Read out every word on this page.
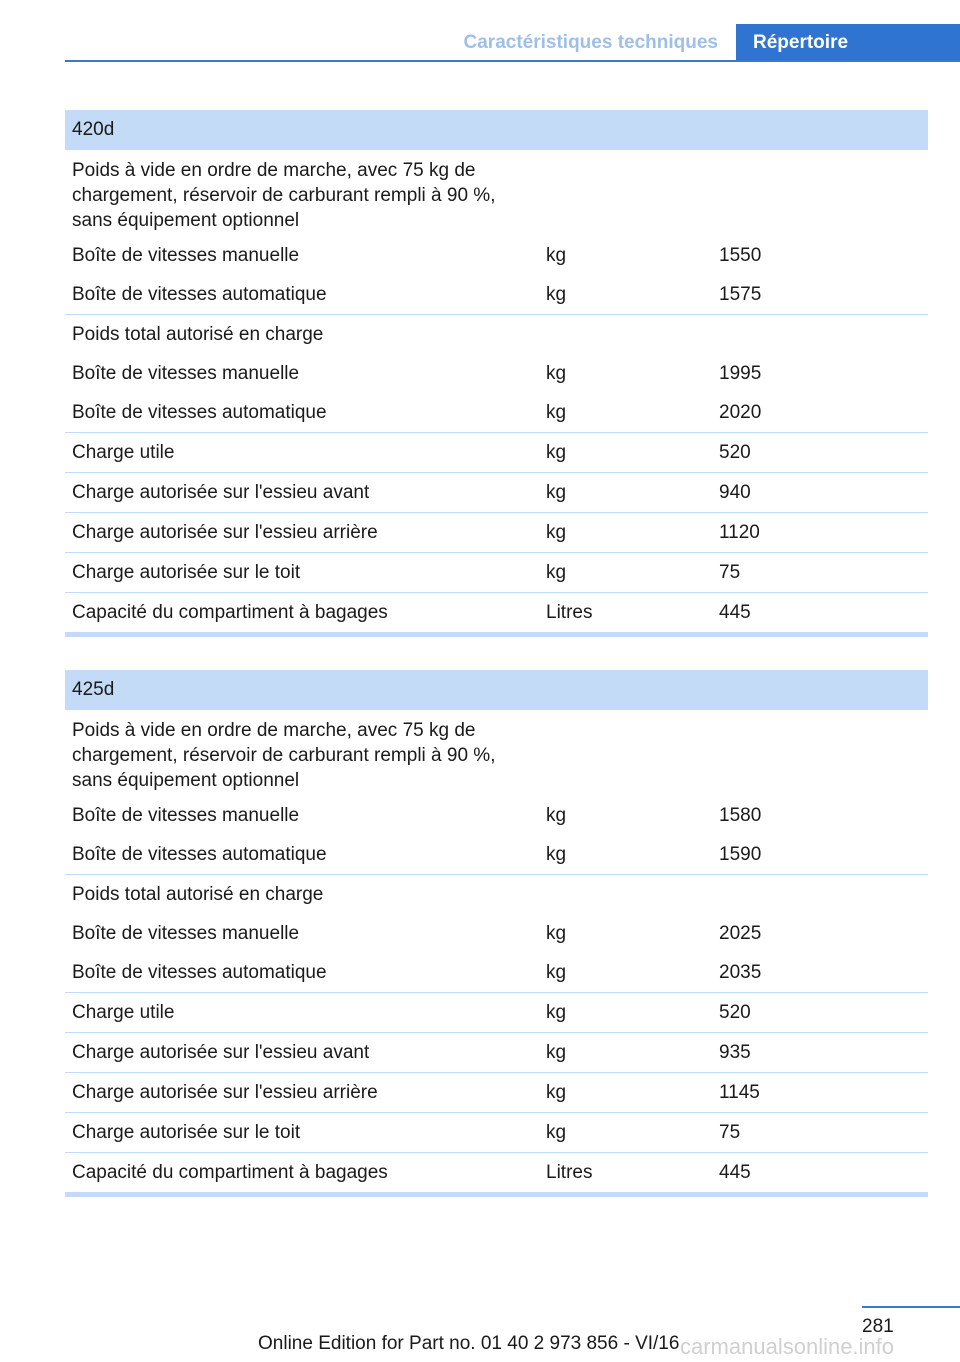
Caractéristiques techniques	Répertoire
420d
Poids à vide en ordre de marche, avec 75 kg de chargement, réservoir de carburant rempli à 90 %, sans équipement optionnel
Boîte de vitesses manuelle	kg	1550
Boîte de vitesses automatique	kg	1575
Poids total autorisé en charge
Boîte de vitesses manuelle	kg	1995
Boîte de vitesses automatique	kg	2020
Charge utile	kg	520
Charge autorisée sur l'essieu avant	kg	940
Charge autorisée sur l'essieu arrière	kg	1120
Charge autorisée sur le toit	kg	75
Capacité du compartiment à bagages	Litres	445
425d
Poids à vide en ordre de marche, avec 75 kg de chargement, réservoir de carburant rempli à 90 %, sans équipement optionnel
Boîte de vitesses manuelle	kg	1580
Boîte de vitesses automatique	kg	1590
Poids total autorisé en charge
Boîte de vitesses manuelle	kg	2025
Boîte de vitesses automatique	kg	2035
Charge utile	kg	520
Charge autorisée sur l'essieu avant	kg	935
Charge autorisée sur l'essieu arrière	kg	1145
Charge autorisée sur le toit	kg	75
Capacité du compartiment à bagages	Litres	445
281
Online Edition for Part no. 01 40 2 973 856 - VI/16 carmanualsonline.info
